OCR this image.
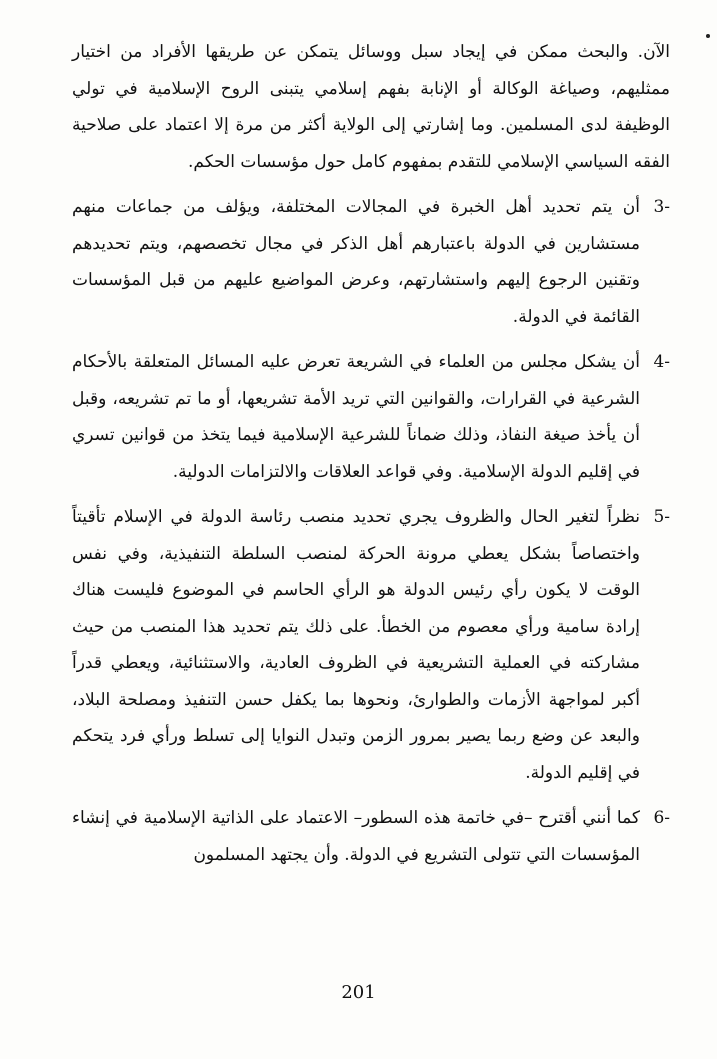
الآن. والبحث ممكن في إيجاد سبل ووسائل يتمكن عن طريقها الأفراد من اختيار ممثليهم، وصياغة الوكالة أو الإنابة بفهم إسلامي يتبنى الروح الإسلامية في تولي الوظيفة لدى المسلمين. وما إشارتي إلى الولاية أكثر من مرة إلا اعتماد على صلاحية الفقه السياسي الإسلامي للتقدم بمفهوم كامل حول مؤسسات الحكم.

3-
أن يتم تحديد أهل الخبرة في المجالات المختلفة، ويؤلف من جماعات منهم مستشارين في الدولة باعتبارهم أهل الذكر في مجال تخصصهم، ويتم تحديدهم وتقنين الرجوع إليهم واستشارتهم، وعرض المواضيع عليهم من قبل المؤسسات القائمة في الدولة.
4-
أن يشكل مجلس من العلماء في الشريعة تعرض عليه المسائل المتعلقة بالأحكام الشرعية في القرارات، والقوانين التي تريد الأمة تشريعها، أو ما تم تشريعه، وقبل أن يأخذ صيغة النفاذ، وذلك ضماناً للشرعية الإسلامية فيما يتخذ من قوانين تسري في إقليم الدولة الإسلامية. وفي قواعد العلاقات والالتزامات الدولية.
5-
نظراً لتغير الحال والظروف يجري تحديد منصب رئاسة الدولة في الإسلام تأقيتاً واختصاصاً بشكل يعطي مرونة الحركة لمنصب السلطة التنفيذية، وفي نفس الوقت لا يكون رأي رئيس الدولة هو الرأي الحاسم في الموضوع فليست هناك إرادة سامية ورأي معصوم من الخطأ. على ذلك يتم تحديد هذا المنصب من حيث مشاركته في العملية التشريعية في الظروف العادية، والاستثنائية، ويعطي قدراً أكبر لمواجهة الأزمات والطوارئ، ونحوها بما يكفل حسن التنفيذ ومصلحة البلاد، والبعد عن وضع ربما يصير بمرور الزمن وتبدل النوايا إلى تسلط ورأي فرد يتحكم في إقليم الدولة.
6-
كما أنني أقترح –في خاتمة هذه السطور– الاعتماد على الذاتية الإسلامية في إنشاء المؤسسات التي تتولى التشريع في الدولة. وأن يجتهد المسلمون
201
